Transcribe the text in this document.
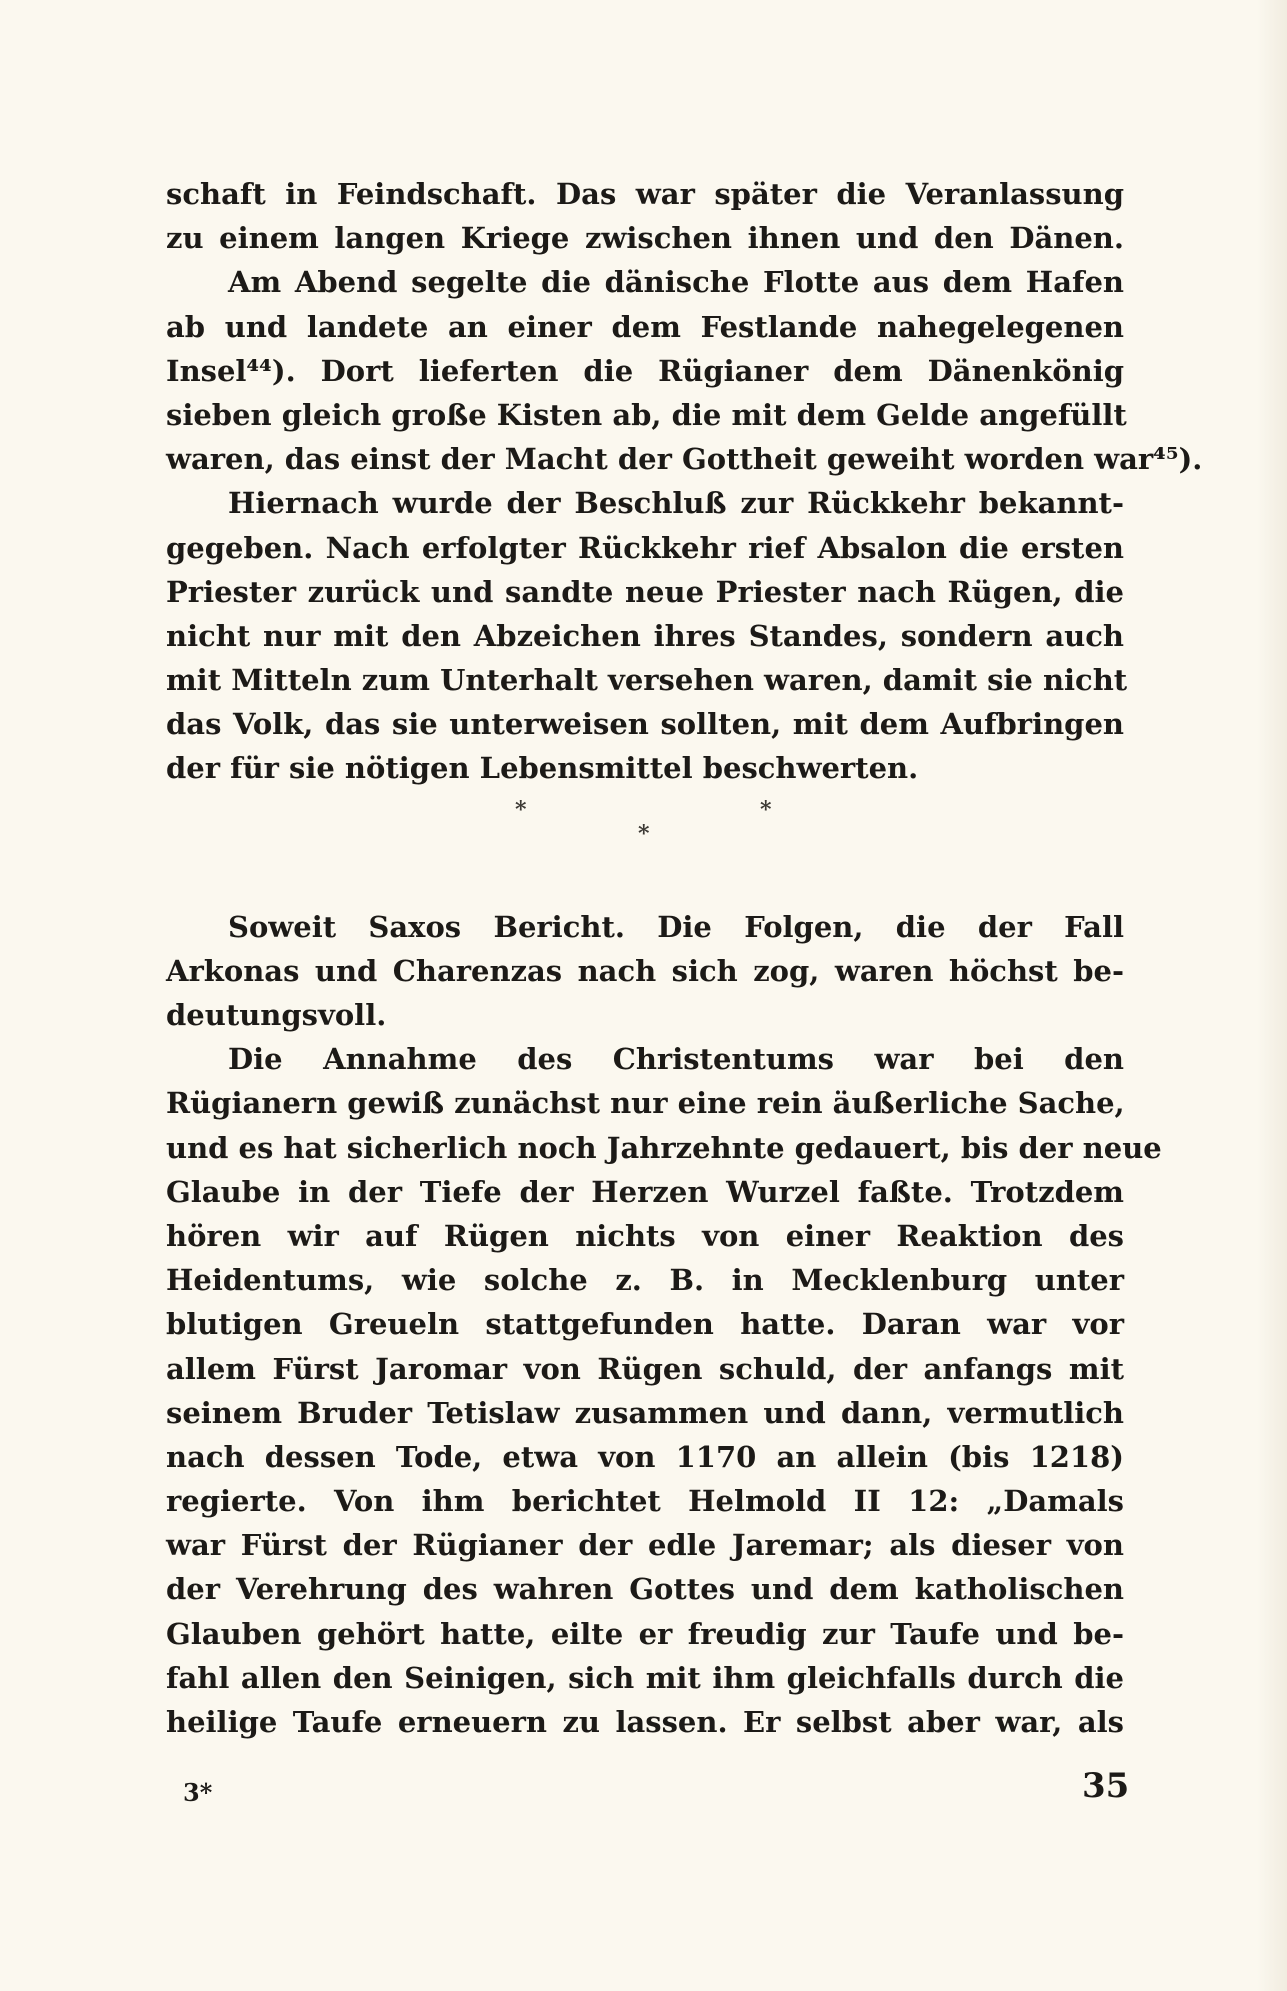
schaft in Feindschaft. Das war später die Veranlassung
zu einem langen Kriege zwischen ihnen und den Dänen.
Am Abend segelte die dänische Flotte aus dem Hafen
ab und landete an einer dem Festlande nahegelegenen
Insel⁴⁴). Dort lieferten die Rügianer dem Dänenkönig
sieben gleich große Kisten ab, die mit dem Gelde angefüllt
waren, das einst der Macht der Gottheit geweiht worden war⁴⁵).
Hiernach wurde der Beschluß zur Rückkehr bekannt-
gegeben. Nach erfolgter Rückkehr rief Absalon die ersten
Priester zurück und sandte neue Priester nach Rügen, die
nicht nur mit den Abzeichen ihres Standes, sondern auch
mit Mitteln zum Unterhalt versehen waren, damit sie nicht
das Volk, das sie unterweisen sollten, mit dem Aufbringen
der für sie nötigen Lebensmittel beschwerten.
*	*
*
Soweit Saxos Bericht. Die Folgen, die der Fall
Arkonas und Charenzas nach sich zog, waren höchst be-
deutungsvoll.
Die Annahme des Christentums war bei den
Rügianern gewiß zunächst nur eine rein äußerliche Sache,
und es hat sicherlich noch Jahrzehnte gedauert, bis der neue
Glaube in der Tiefe der Herzen Wurzel faßte. Trotzdem
hören wir auf Rügen nichts von einer Reaktion des
Heidentums, wie solche z. B. in Mecklenburg unter
blutigen Greueln stattgefunden hatte. Daran war vor
allem Fürst Jaromar von Rügen schuld, der anfangs mit
seinem Bruder Tetislaw zusammen und dann, vermutlich
nach dessen Tode, etwa von 1170 an allein (bis 1218)
regierte. Von ihm berichtet Helmold II 12: „Damals
war Fürst der Rügianer der edle Jaremar; als dieser von
der Verehrung des wahren Gottes und dem katholischen
Glauben gehört hatte, eilte er freudig zur Taufe und be-
fahl allen den Seinigen, sich mit ihm gleichfalls durch die
heilige Taufe erneuern zu lassen. Er selbst aber war, als
3*	35
